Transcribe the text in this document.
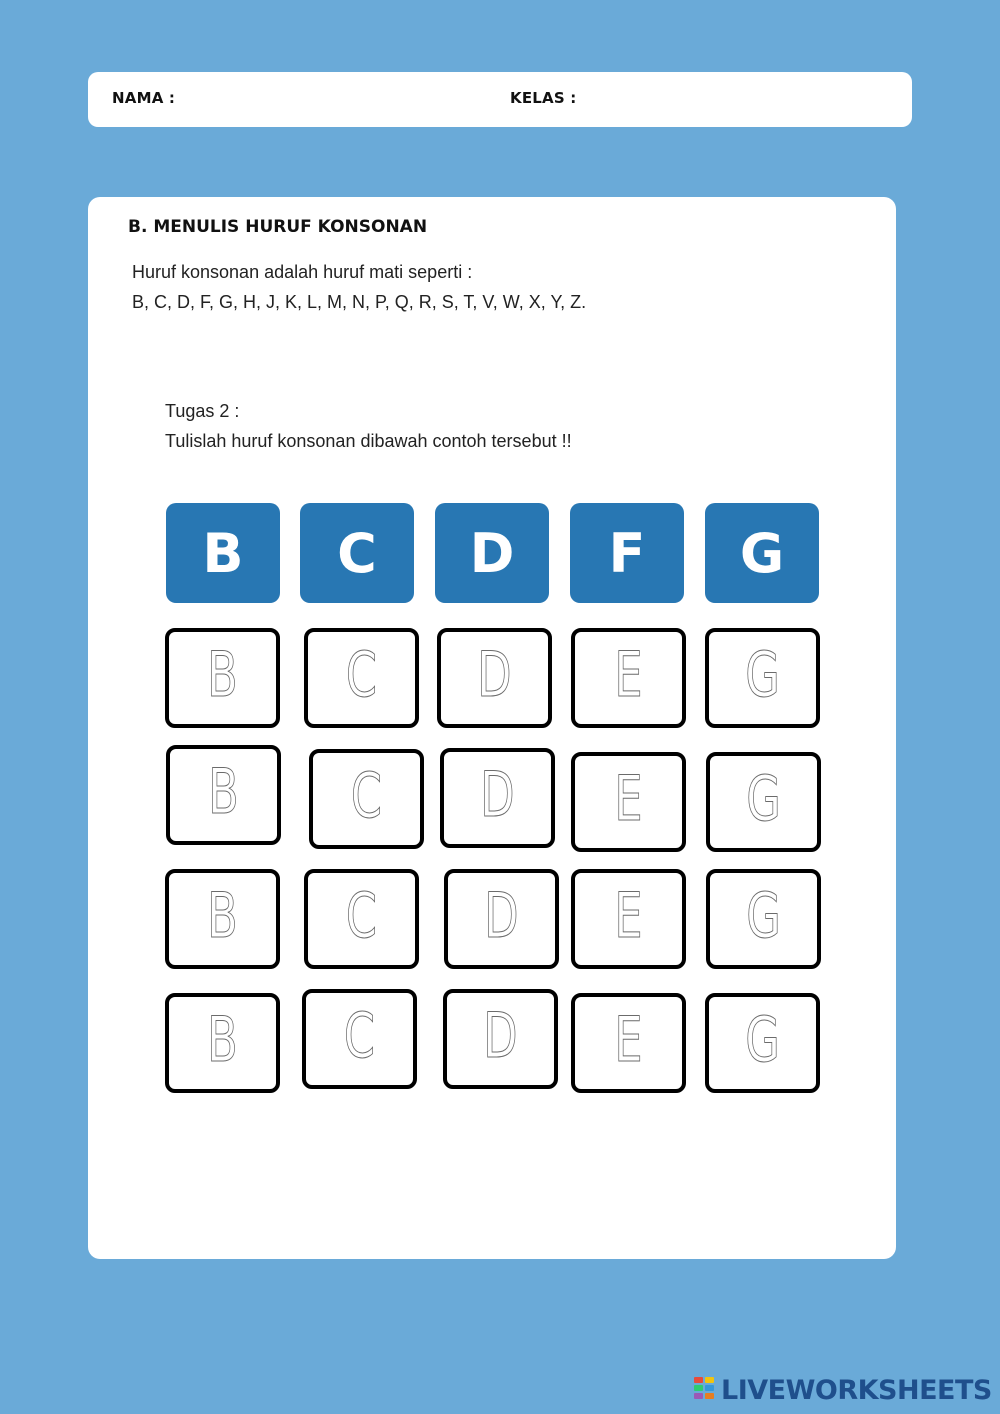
NAMA :	KELAS :
B. MENULIS HURUF KONSONAN
Huruf konsonan adalah huruf mati seperti :
B, C, D, F, G, H, J, K, L, M, N, P, Q, R, S, T, V, W, X, Y, Z.
Tugas 2 :
Tulislah huruf konsonan dibawah contoh tersebut !!
B	C	D	F	G
B	C	D	E	G
B	C	D	E	G
B	C	D	E	G
B	C	D	E	G
LIVEWORKSHEETS
